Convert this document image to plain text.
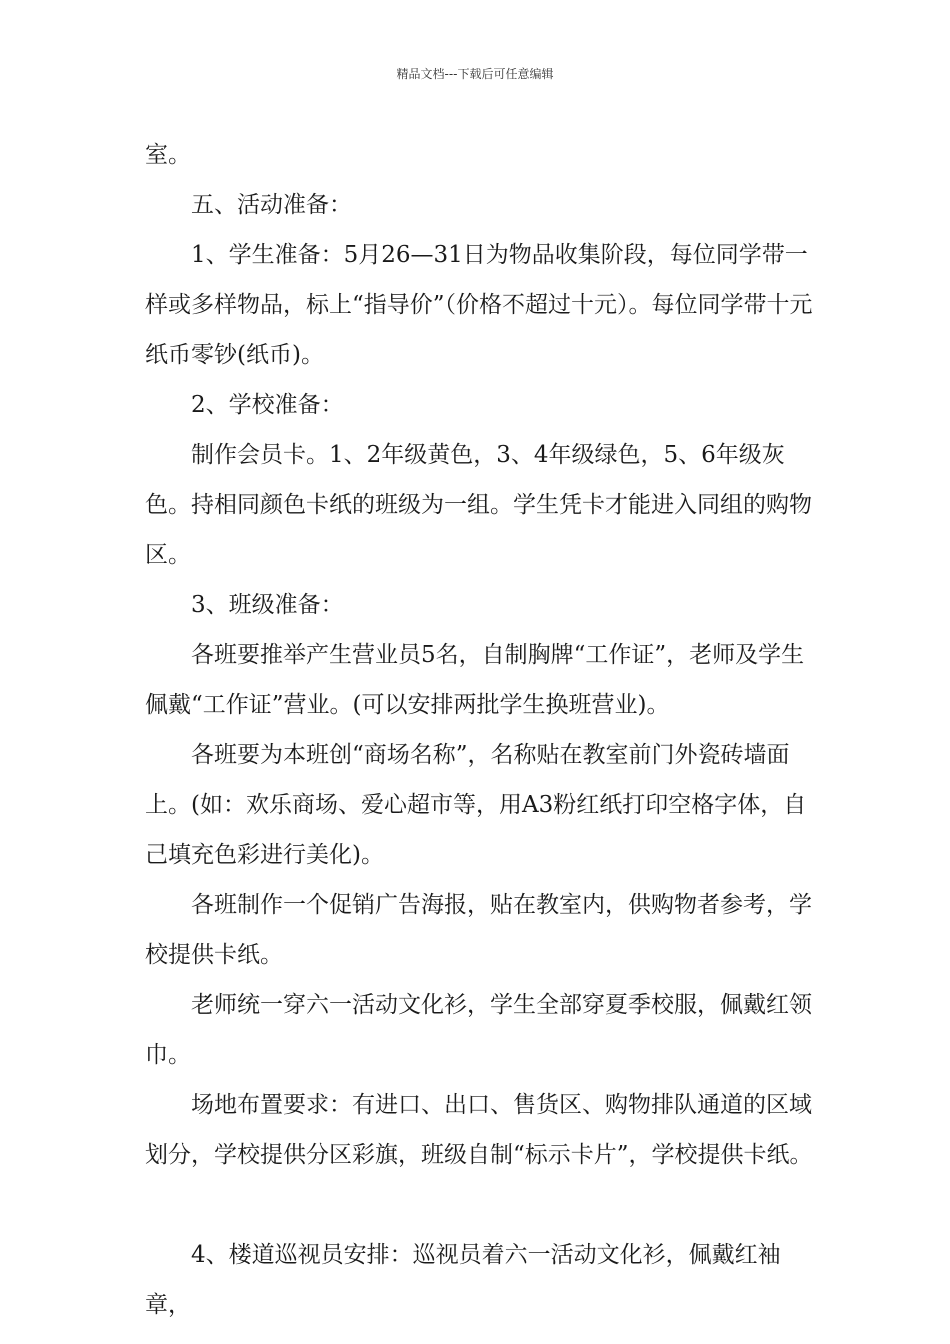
精品文档---下载后可任意编辑

室。

五、活动准备：

1、学生准备：5月26—31日为物品收集阶段，每位同学带一样或多样物品，标上“指导价”（价格不超过十元）。每位同学带十元纸币零钞(纸币)。

2、学校准备：

制作会员卡。1、2年级黄色，3、4年级绿色，5、6年级灰色。持相同颜色卡纸的班级为一组。学生凭卡才能进入同组的购物区。

3、班级准备：

各班要推举产生营业员5名，自制胸牌“工作证”，老师及学生佩戴“工作证”营业。(可以安排两批学生换班营业)。

各班要为本班创“商场名称”，名称贴在教室前门外瓷砖墙面上。(如：欢乐商场、爱心超市等，用A3粉红纸打印空格字体，自己填充色彩进行美化)。

各班制作一个促销广告海报，贴在教室内，供购物者参考，学校提供卡纸。

老师统一穿六一活动文化衫，学生全部穿夏季校服，佩戴红领巾。

场地布置要求：有进口、出口、售货区、购物排队通道的区域划分，学校提供分区彩旗，班级自制“标示卡片”，学校提供卡纸。

4、楼道巡视员安排：巡视员着六一活动文化衫，佩戴红袖章，
